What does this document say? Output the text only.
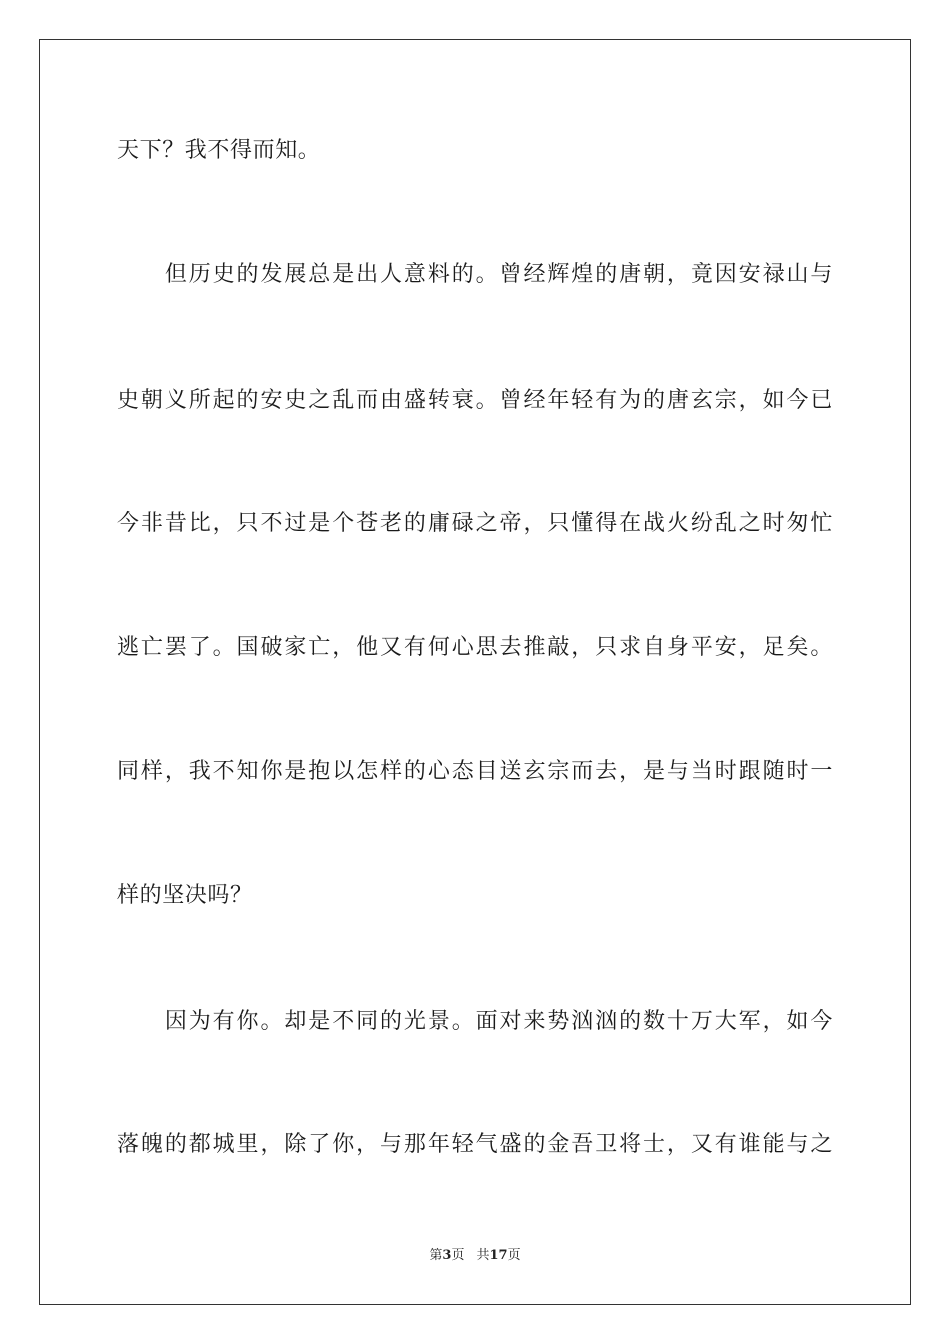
天下？我不得而知。
　　但历史的发展总是出人意料的。曾经辉煌的唐朝，竟因安禄山与
史朝义所起的安史之乱而由盛转衰。曾经年轻有为的唐玄宗，如今已
今非昔比，只不过是个苍老的庸碌之帝，只懂得在战火纷乱之时匆忙
逃亡罢了。国破家亡，他又有何心思去推敲，只求自身平安，足矣。
同样，我不知你是抱以怎样的心态目送玄宗而去，是与当时跟随时一
样的坚决吗？
　　因为有你。却是不同的光景。面对来势汹汹的数十万大军，如今
落魄的都城里，除了你，与那年轻气盛的金吾卫将士，又有谁能与之
第3页 共17页
